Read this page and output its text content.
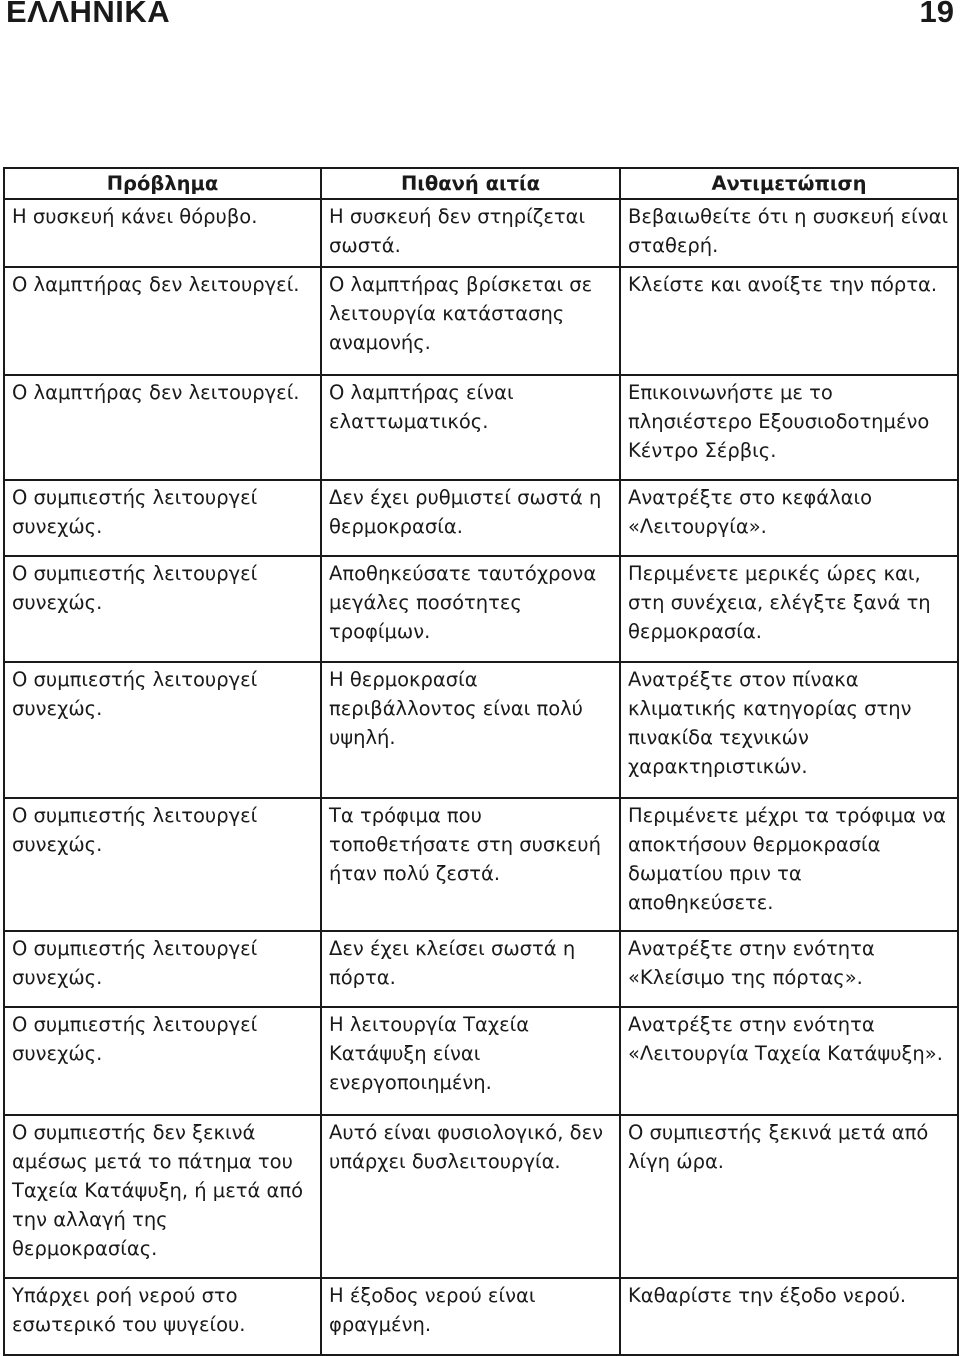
ΕΛΛΗΝΙΚΑ	19
Πρόβλημα	Πιθανή αιτία	Αντιμετώπιση
Η συσκευή κάνει θόρυβο.	Η συσκευή δεν στηρίζεται σωστά.	Βεβαιωθείτε ότι η συσκευή είναι σταθερή.
Ο λαμπτήρας δεν λειτουργεί.	Ο λαμπτήρας βρίσκεται σε λειτουργία κατάστασης αναμονής.	Κλείστε και ανοίξτε την πόρτα.
Ο λαμπτήρας δεν λειτουργεί.	Ο λαμπτήρας είναι ελαττωματικός.	Επικοινωνήστε με το πλησιέστερο Εξουσιοδοτημένο Κέντρο Σέρβις.
Ο συμπιεστής λειτουργεί συνεχώς.	Δεν έχει ρυθμιστεί σωστά η θερμοκρασία.	Ανατρέξτε στο κεφάλαιο «Λειτουργία».
Ο συμπιεστής λειτουργεί συνεχώς.	Αποθηκεύσατε ταυτόχρονα μεγάλες ποσότητες τροφίμων.	Περιμένετε μερικές ώρες και, στη συνέχεια, ελέγξτε ξανά τη θερμοκρασία.
Ο συμπιεστής λειτουργεί συνεχώς.	Η θερμοκρασία περιβάλλοντος είναι πολύ υψηλή.	Ανατρέξτε στον πίνακα κλιματικής κατηγορίας στην πινακίδα τεχνικών χαρακτηριστικών.
Ο συμπιεστής λειτουργεί συνεχώς.	Τα τρόφιμα που τοποθετήσατε στη συσκευή ήταν πολύ ζεστά.	Περιμένετε μέχρι τα τρόφιμα να αποκτήσουν θερμοκρασία δωματίου πριν τα αποθηκεύσετε.
Ο συμπιεστής λειτουργεί συνεχώς.	Δεν έχει κλείσει σωστά η πόρτα.	Ανατρέξτε στην ενότητα «Κλείσιμο της πόρτας».
Ο συμπιεστής λειτουργεί συνεχώς.	Η λειτουργία Ταχεία Κατάψυξη είναι ενεργοποιημένη.	Ανατρέξτε στην ενότητα «Λειτουργία Ταχεία Κατάψυξη».
Ο συμπιεστής δεν ξεκινά αμέσως μετά το πάτημα του Ταχεία Κατάψυξη, ή μετά από την αλλαγή της θερμοκρασίας.	Αυτό είναι φυσιολογικό, δεν υπάρχει δυσλειτουργία.	Ο συμπιεστής ξεκινά μετά από λίγη ώρα.
Υπάρχει ροή νερού στο εσωτερικό του ψυγείου.	Η έξοδος νερού είναι φραγμένη.	Καθαρίστε την έξοδο νερού.
